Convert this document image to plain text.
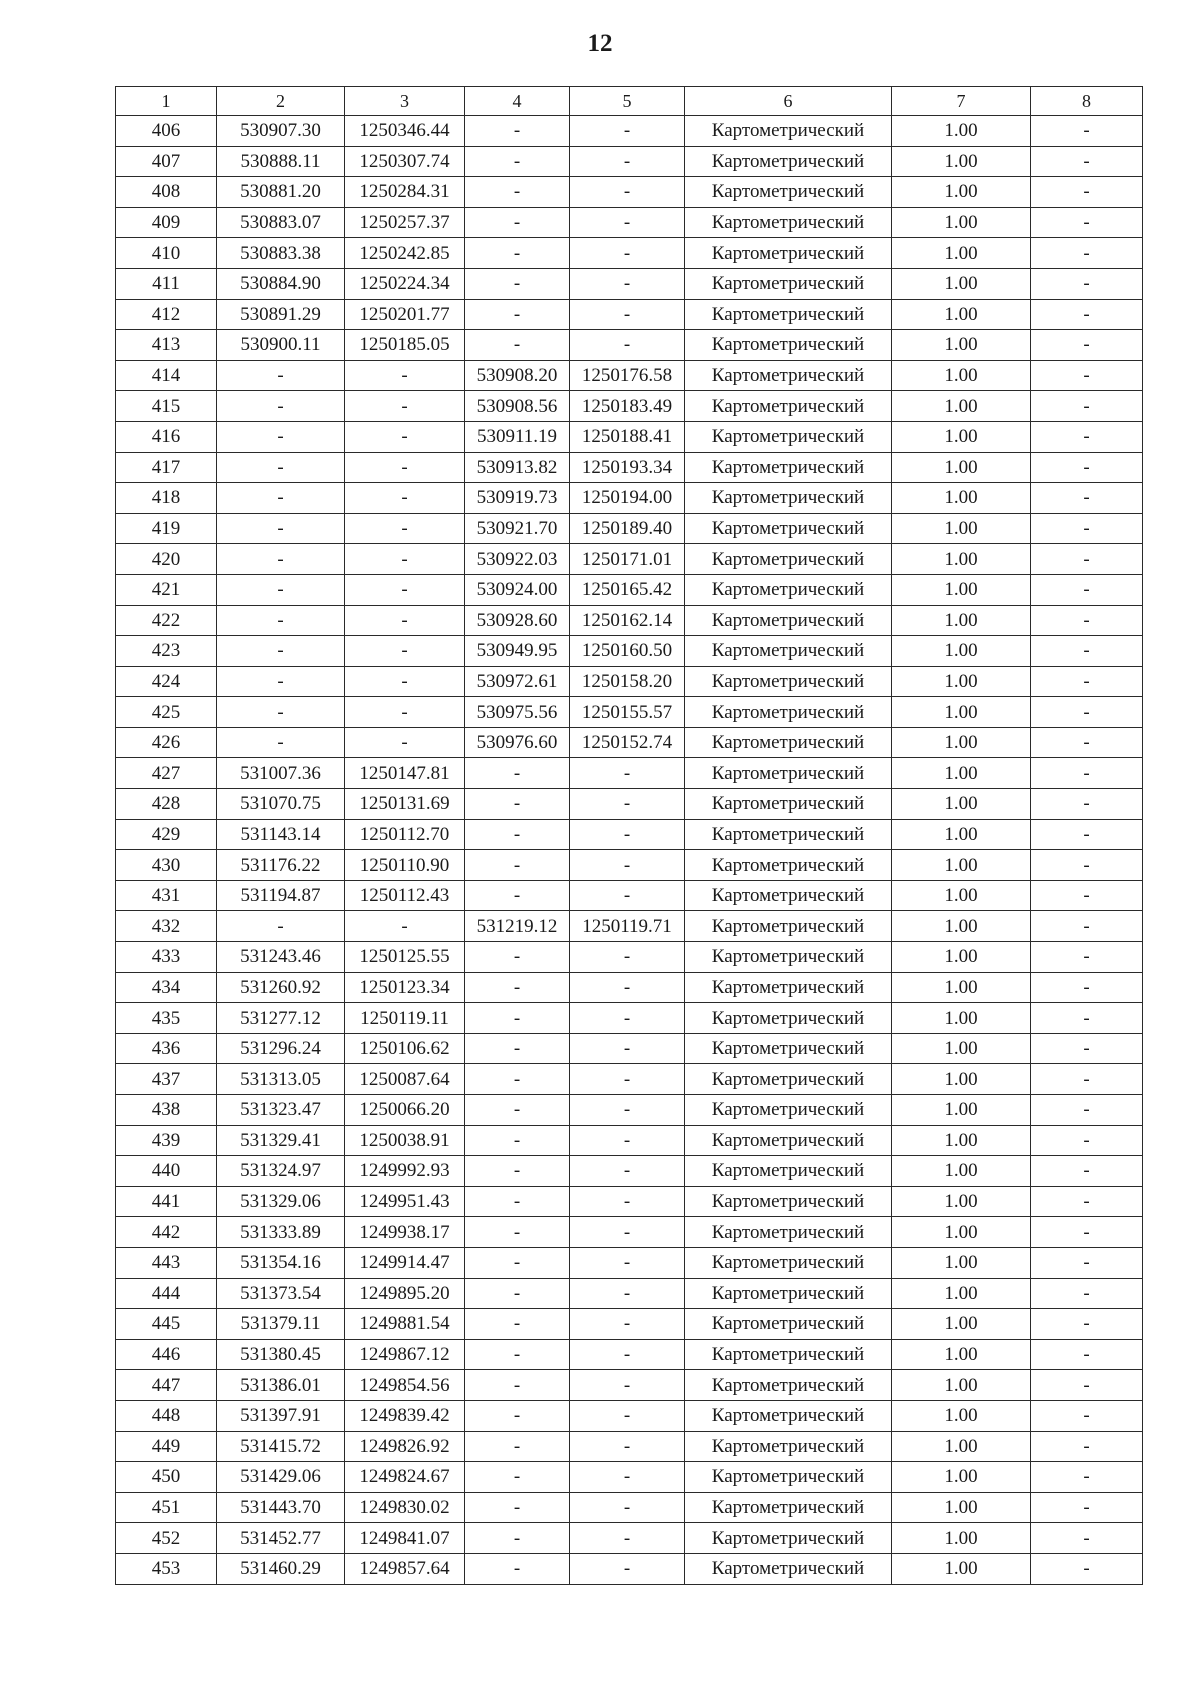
12
1	2	3	4	5	6	7	8
406	530907.30	1250346.44	-	-	Картометрический	1.00	-
407	530888.11	1250307.74	-	-	Картометрический	1.00	-
408	530881.20	1250284.31	-	-	Картометрический	1.00	-
409	530883.07	1250257.37	-	-	Картометрический	1.00	-
410	530883.38	1250242.85	-	-	Картометрический	1.00	-
411	530884.90	1250224.34	-	-	Картометрический	1.00	-
412	530891.29	1250201.77	-	-	Картометрический	1.00	-
413	530900.11	1250185.05	-	-	Картометрический	1.00	-
414	-	-	530908.20	1250176.58	Картометрический	1.00	-
415	-	-	530908.56	1250183.49	Картометрический	1.00	-
416	-	-	530911.19	1250188.41	Картометрический	1.00	-
417	-	-	530913.82	1250193.34	Картометрический	1.00	-
418	-	-	530919.73	1250194.00	Картометрический	1.00	-
419	-	-	530921.70	1250189.40	Картометрический	1.00	-
420	-	-	530922.03	1250171.01	Картометрический	1.00	-
421	-	-	530924.00	1250165.42	Картометрический	1.00	-
422	-	-	530928.60	1250162.14	Картометрический	1.00	-
423	-	-	530949.95	1250160.50	Картометрический	1.00	-
424	-	-	530972.61	1250158.20	Картометрический	1.00	-
425	-	-	530975.56	1250155.57	Картометрический	1.00	-
426	-	-	530976.60	1250152.74	Картометрический	1.00	-
427	531007.36	1250147.81	-	-	Картометрический	1.00	-
428	531070.75	1250131.69	-	-	Картометрический	1.00	-
429	531143.14	1250112.70	-	-	Картометрический	1.00	-
430	531176.22	1250110.90	-	-	Картометрический	1.00	-
431	531194.87	1250112.43	-	-	Картометрический	1.00	-
432	-	-	531219.12	1250119.71	Картометрический	1.00	-
433	531243.46	1250125.55	-	-	Картометрический	1.00	-
434	531260.92	1250123.34	-	-	Картометрический	1.00	-
435	531277.12	1250119.11	-	-	Картометрический	1.00	-
436	531296.24	1250106.62	-	-	Картометрический	1.00	-
437	531313.05	1250087.64	-	-	Картометрический	1.00	-
438	531323.47	1250066.20	-	-	Картометрический	1.00	-
439	531329.41	1250038.91	-	-	Картометрический	1.00	-
440	531324.97	1249992.93	-	-	Картометрический	1.00	-
441	531329.06	1249951.43	-	-	Картометрический	1.00	-
442	531333.89	1249938.17	-	-	Картометрический	1.00	-
443	531354.16	1249914.47	-	-	Картометрический	1.00	-
444	531373.54	1249895.20	-	-	Картометрический	1.00	-
445	531379.11	1249881.54	-	-	Картометрический	1.00	-
446	531380.45	1249867.12	-	-	Картометрический	1.00	-
447	531386.01	1249854.56	-	-	Картометрический	1.00	-
448	531397.91	1249839.42	-	-	Картометрический	1.00	-
449	531415.72	1249826.92	-	-	Картометрический	1.00	-
450	531429.06	1249824.67	-	-	Картометрический	1.00	-
451	531443.70	1249830.02	-	-	Картометрический	1.00	-
452	531452.77	1249841.07	-	-	Картометрический	1.00	-
453	531460.29	1249857.64	-	-	Картометрический	1.00	-
